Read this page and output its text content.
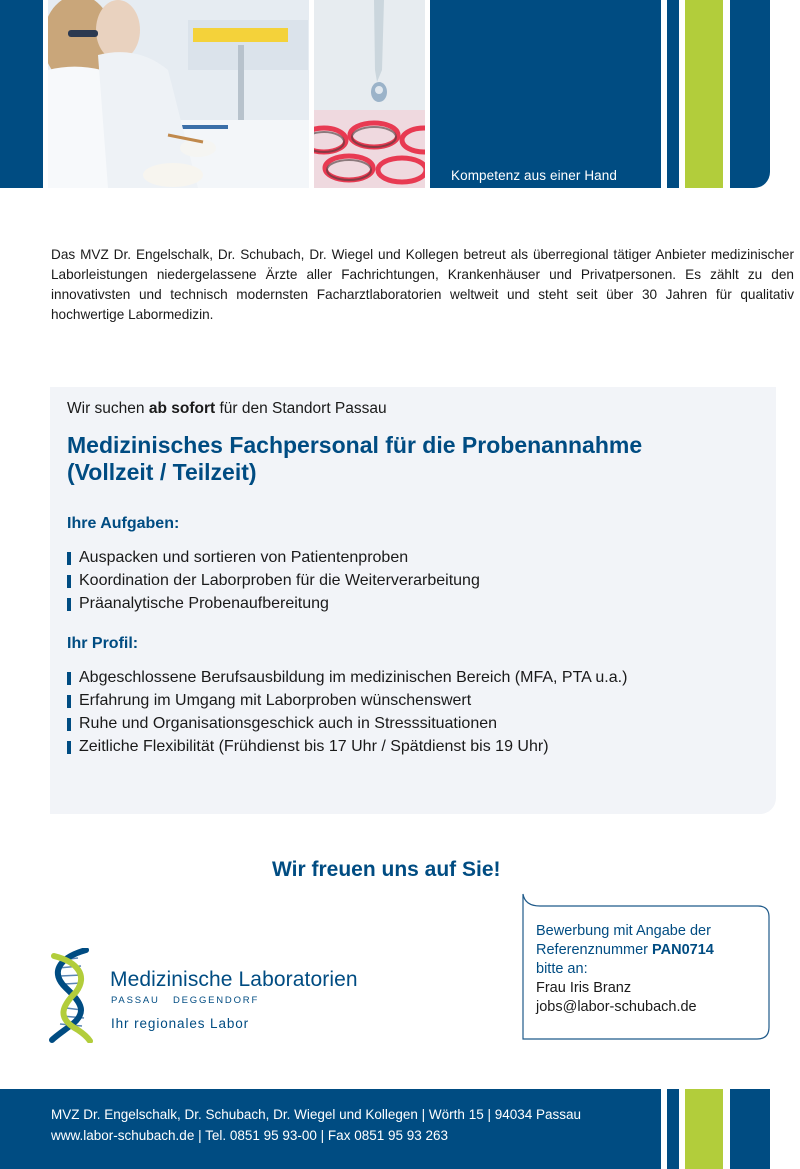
Kompetenz aus einer Hand

Das MVZ Dr. Engelschalk, Dr. Schubach, Dr. Wiegel und Kollegen betreut als überregional tätiger Anbieter medizinischer Laborleistungen niedergelassene Ärzte aller Fachrichtungen, Krankenhäuser und Privatpersonen. Es zählt zu den innovativsten und technisch modernsten Facharztlaboratorien weltweit und steht seit über 30 Jahren für qualitativ hochwertige Labormedizin.

Wir suchen ab sofort für den Standort Passau

Medizinisches Fachpersonal für die Probenannahme
(Vollzeit / Teilzeit)
Ihre Aufgaben:
Auspacken und sortieren von Patientenproben
Koordination der Laborproben für die Weiterverarbeitung
Präanalytische Probenaufbereitung
Ihr Profil:
Abgeschlossene Berufsausbildung im medizinischen Bereich (MFA, PTA u.a.)
Erfahrung im Umgang mit Laborproben wünschenswert
Ruhe und Organisationsgeschick auch in Stresssituationen
Zeitliche Flexibilität (Frühdienst bis 17 Uhr / Spätdienst bis 19 Uhr)

Wir freuen uns auf Sie!

Bewerbung mit Angabe der
Referenznummer PAN0714
bitte an:
Frau Iris Branz
jobs@labor-schubach.de
Medizinische Laboratorien
PASSAU   DEGGENDORF
Ihr regionales Labor
MVZ Dr. Engelschalk, Dr. Schubach, Dr. Wiegel und Kollegen | Wörth 15 | 94034 Passau
www.labor-schubach.de | Tel. 0851 95 93-00 | Fax 0851 95 93 263
